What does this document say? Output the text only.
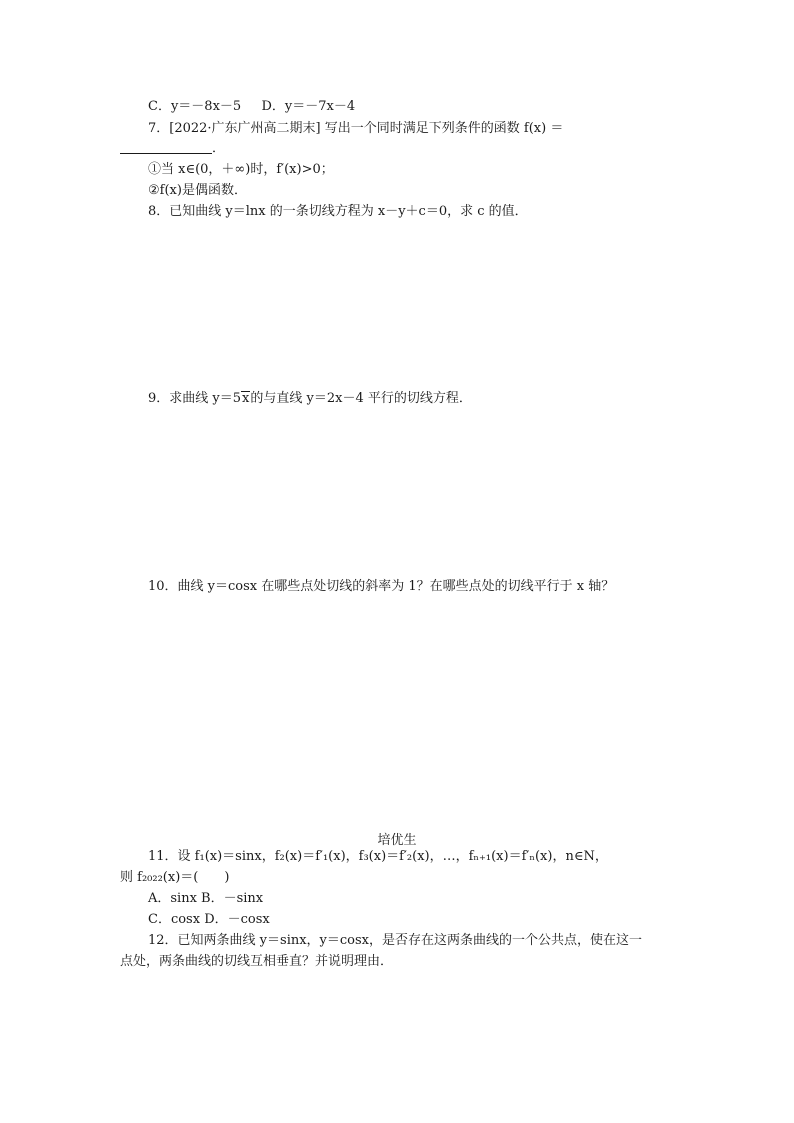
C．y＝－8x－5 D．y＝－7x－4
7．[2022·广东广州高二期末] 写出一个同时满足下列条件的函数 f(x) ＝
．
①当 x∈(0，＋∞)时，f′(x)>0；
②f(x)是偶函数．
8．已知曲线 y＝lnx 的一条切线方程为 x－y＋c＝0，求 c 的值．
9．求曲线 y＝5x的与直线 y＝2x－4 平行的切线方程．
10．曲线 y＝cosx 在哪些点处切线的斜率为 1？在哪些点处的切线平行于 x 轴？
培优生
11．设 f₁(x)＝sinx，f₂(x)＝f′₁(x)，f₃(x)＝f′₂(x)，…，fₙ₊₁(x)＝f′ₙ(x)，n∈N，
则 f₂₀₂₂(x)＝(　　)
A．sinx B．－sinx
C．cosx D．－cosx
12．已知两条曲线 y＝sinx，y＝cosx，是否存在这两条曲线的一个公共点，使在这一
点处，两条曲线的切线互相垂直？并说明理由．
